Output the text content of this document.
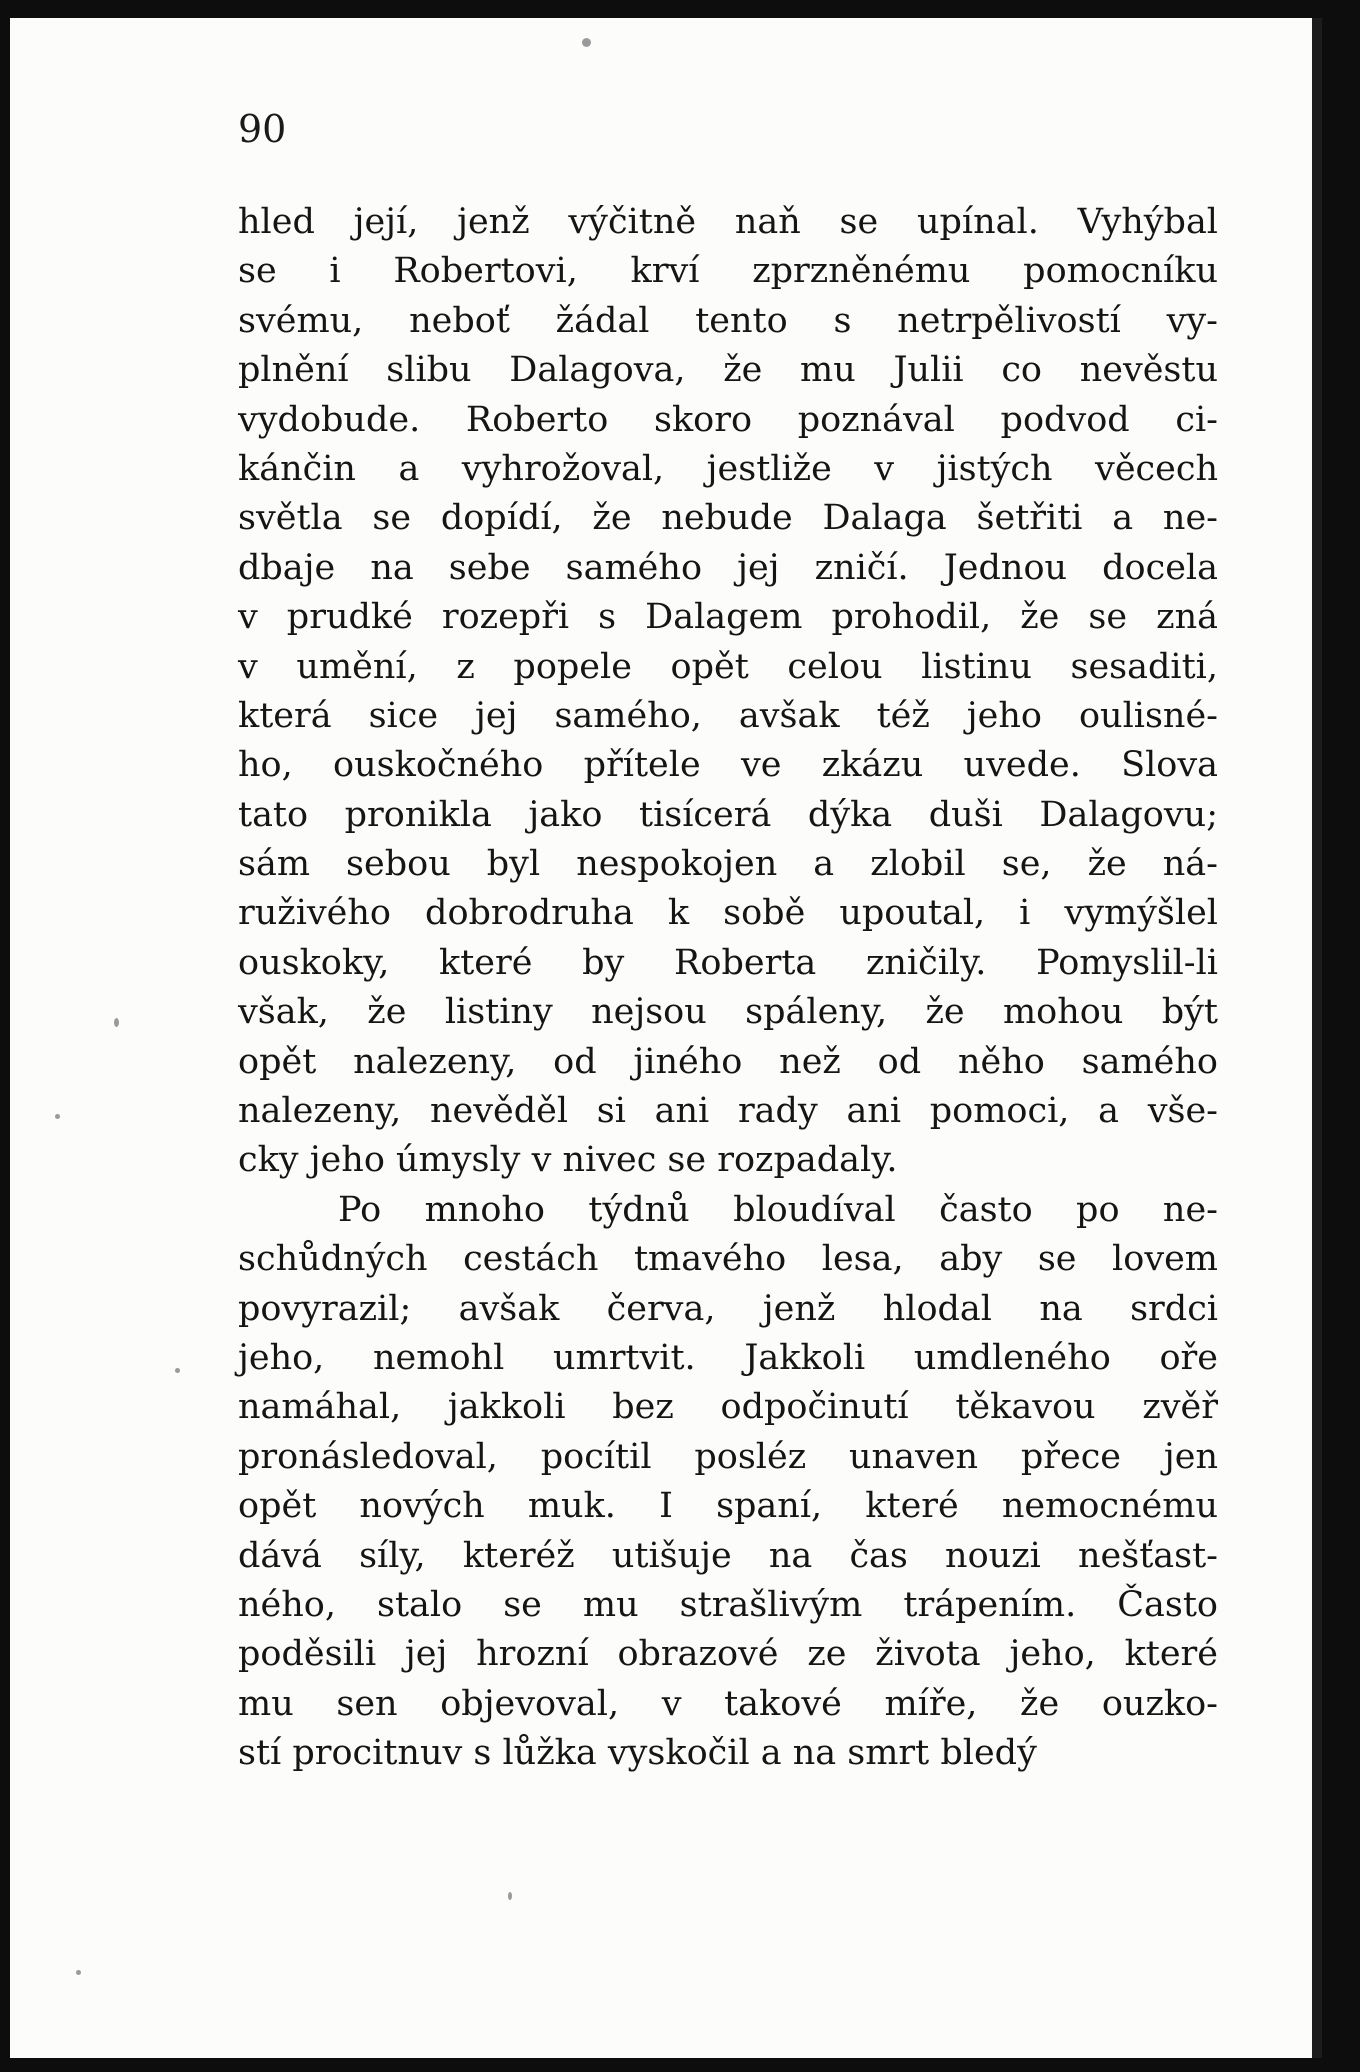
90

hled její, jenž výčitně naň se upínal. Vyhýbal
se i Robertovi, krví zprzněnému pomocníku
svému, neboť žádal tento s netrpělivostí vy-
plnění slibu Dalagova, že mu Julii co nevěstu
vydobude. Roberto skoro poznával podvod ci-
kánčin a vyhrožoval, jestliže v jistých věcech
světla se dopídí, že nebude Dalaga šetřiti a ne-
dbaje na sebe samého jej zničí. Jednou docela
v prudké rozepři s Dalagem prohodil, že se zná
v umění, z popele opět celou listinu sesaditi,
která sice jej samého, avšak též jeho oulisné-
ho, ouskočného přítele ve zkázu uvede. Slova
tato pronikla jako tisícerá dýka duši Dalagovu;
sám sebou byl nespokojen a zlobil se, že ná-
ruživého dobrodruha k sobě upoutal, i vymýšlel
ouskoky, které by Roberta zničily. Pomyslil-li
však, že listiny nejsou spáleny, že mohou být
opět nalezeny, od jiného než od něho samého
nalezeny, nevěděl si ani rady ani pomoci, a vše-
cky jeho úmysly v nivec se rozpadaly.

Po mnoho týdnů bloudíval často po ne-
schůdných cestách tmavého lesa, aby se lovem
povyrazil; avšak červa, jenž hlodal na srdci
jeho, nemohl umrtvit. Jakkoli umdleného oře
namáhal, jakkoli bez odpočinutí těkavou zvěř
pronásledoval, pocítil posléz unaven přece jen
opět nových muk. I spaní, které nemocnému
dává síly, kteréž utišuje na čas nouzi nešťast-
ného, stalo se mu strašlivým trápením. Často
poděsili jej hrozní obrazové ze života jeho, které
mu sen objevoval, v takové míře, že ouzko-
stí procitnuv s lůžka vyskočil a na smrt bledý
